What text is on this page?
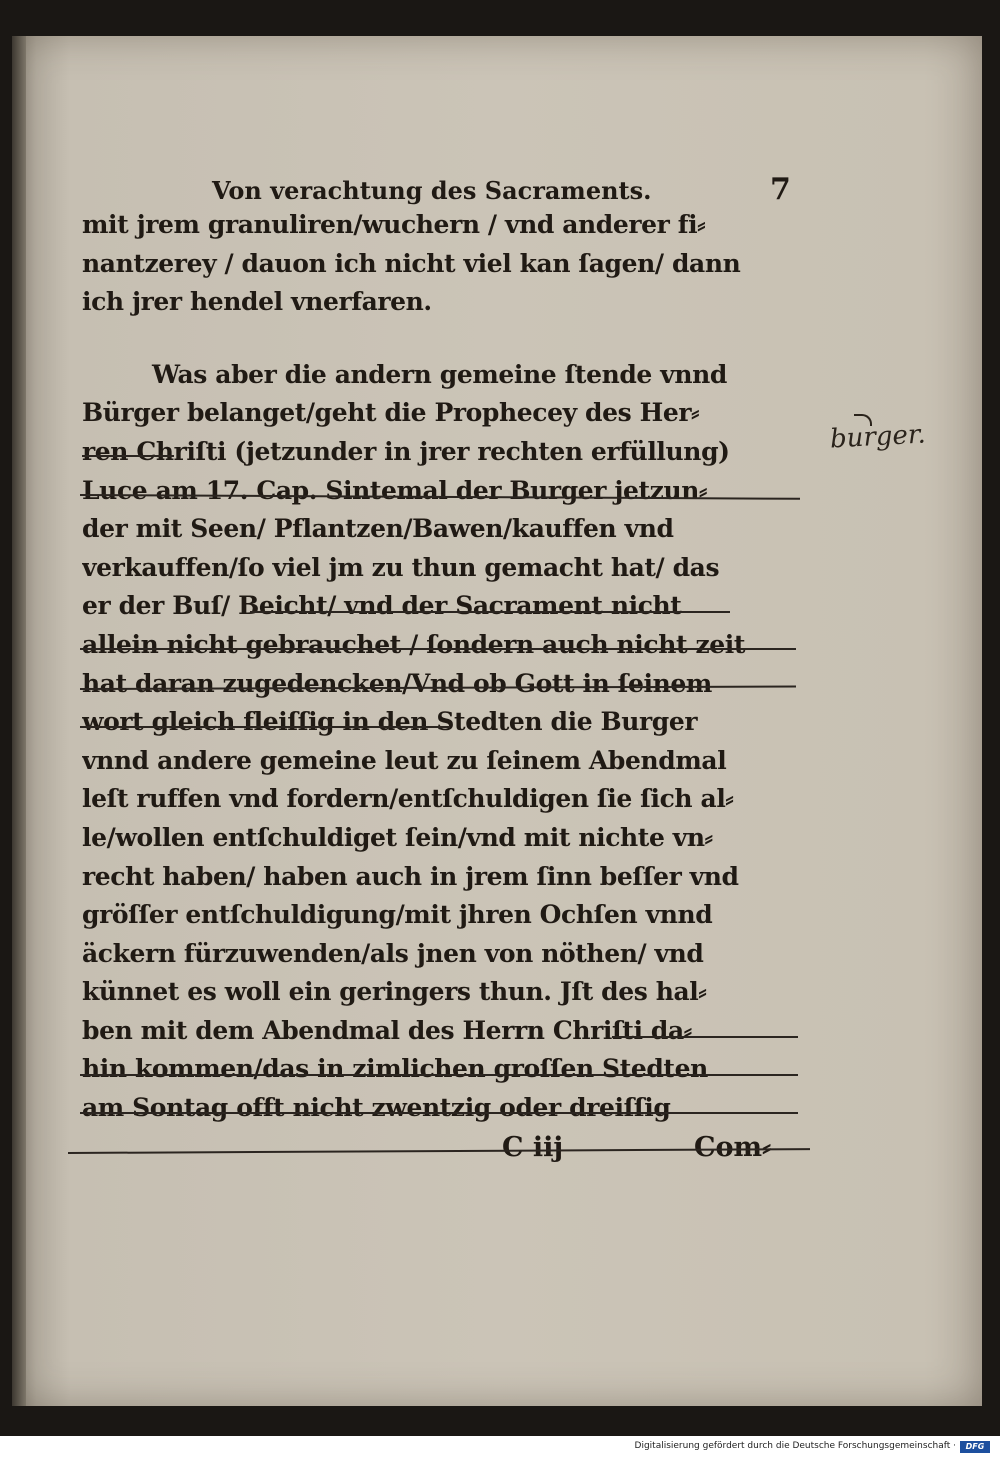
Von verachtung des Sacraments.	7
mit jrem granuliren/wuchern / vnd anderer fi⸗
nantzerey / dauon ich nicht viel kan ſagen/ dann
ich jrer hendel vnerfaren.
Was aber die andern gemeine ſtende vnnd
Bürger belanget/geht die Prophecey des Her⸗
ren Chriſti (jetzunder in jrer rechten erfüllung)
Luce am 17. Cap. Sintemal der Burger jetzun⸗
der mit Seen/ Pflantzen/Bawen/kauffen vnd
verkauffen/ſo viel jm zu thun gemacht hat/ das
er der Buſ/ Beicht/ vnd der Sacrament nicht
allein nicht gebrauchet / ſondern auch nicht zeit
hat daran zugedencken/Vnd ob Gott in ſeinem
wort gleich fleiſſig in den Stedten die Burger
vnnd andere gemeine leut zu ſeinem Abendmal
leſt ruffen vnd fordern/entſchuldigen ſie ſich al⸗
le/wollen entſchuldiget ſein/vnd mit nichte vn⸗
recht haben/ haben auch in jrem ſinn beſſer vnd
gröſſer entſchuldigung/mit jhren Ochſen vnnd
äckern fürzuwenden/als jnen von nöthen/ vnd
künnet es woll ein geringers thun. Jſt des hal⸗
ben mit dem Abendmal des Herrn Chriſti da⸗
hin kommen/das in zimlichen groſſen Stedten
am Sontag offt nicht zwentzig oder dreiſſig
C iij	Com⸗
burger.
Digitalisierung gefördert durch die Deutsche Forschungsgemeinschaft ·	DFG
